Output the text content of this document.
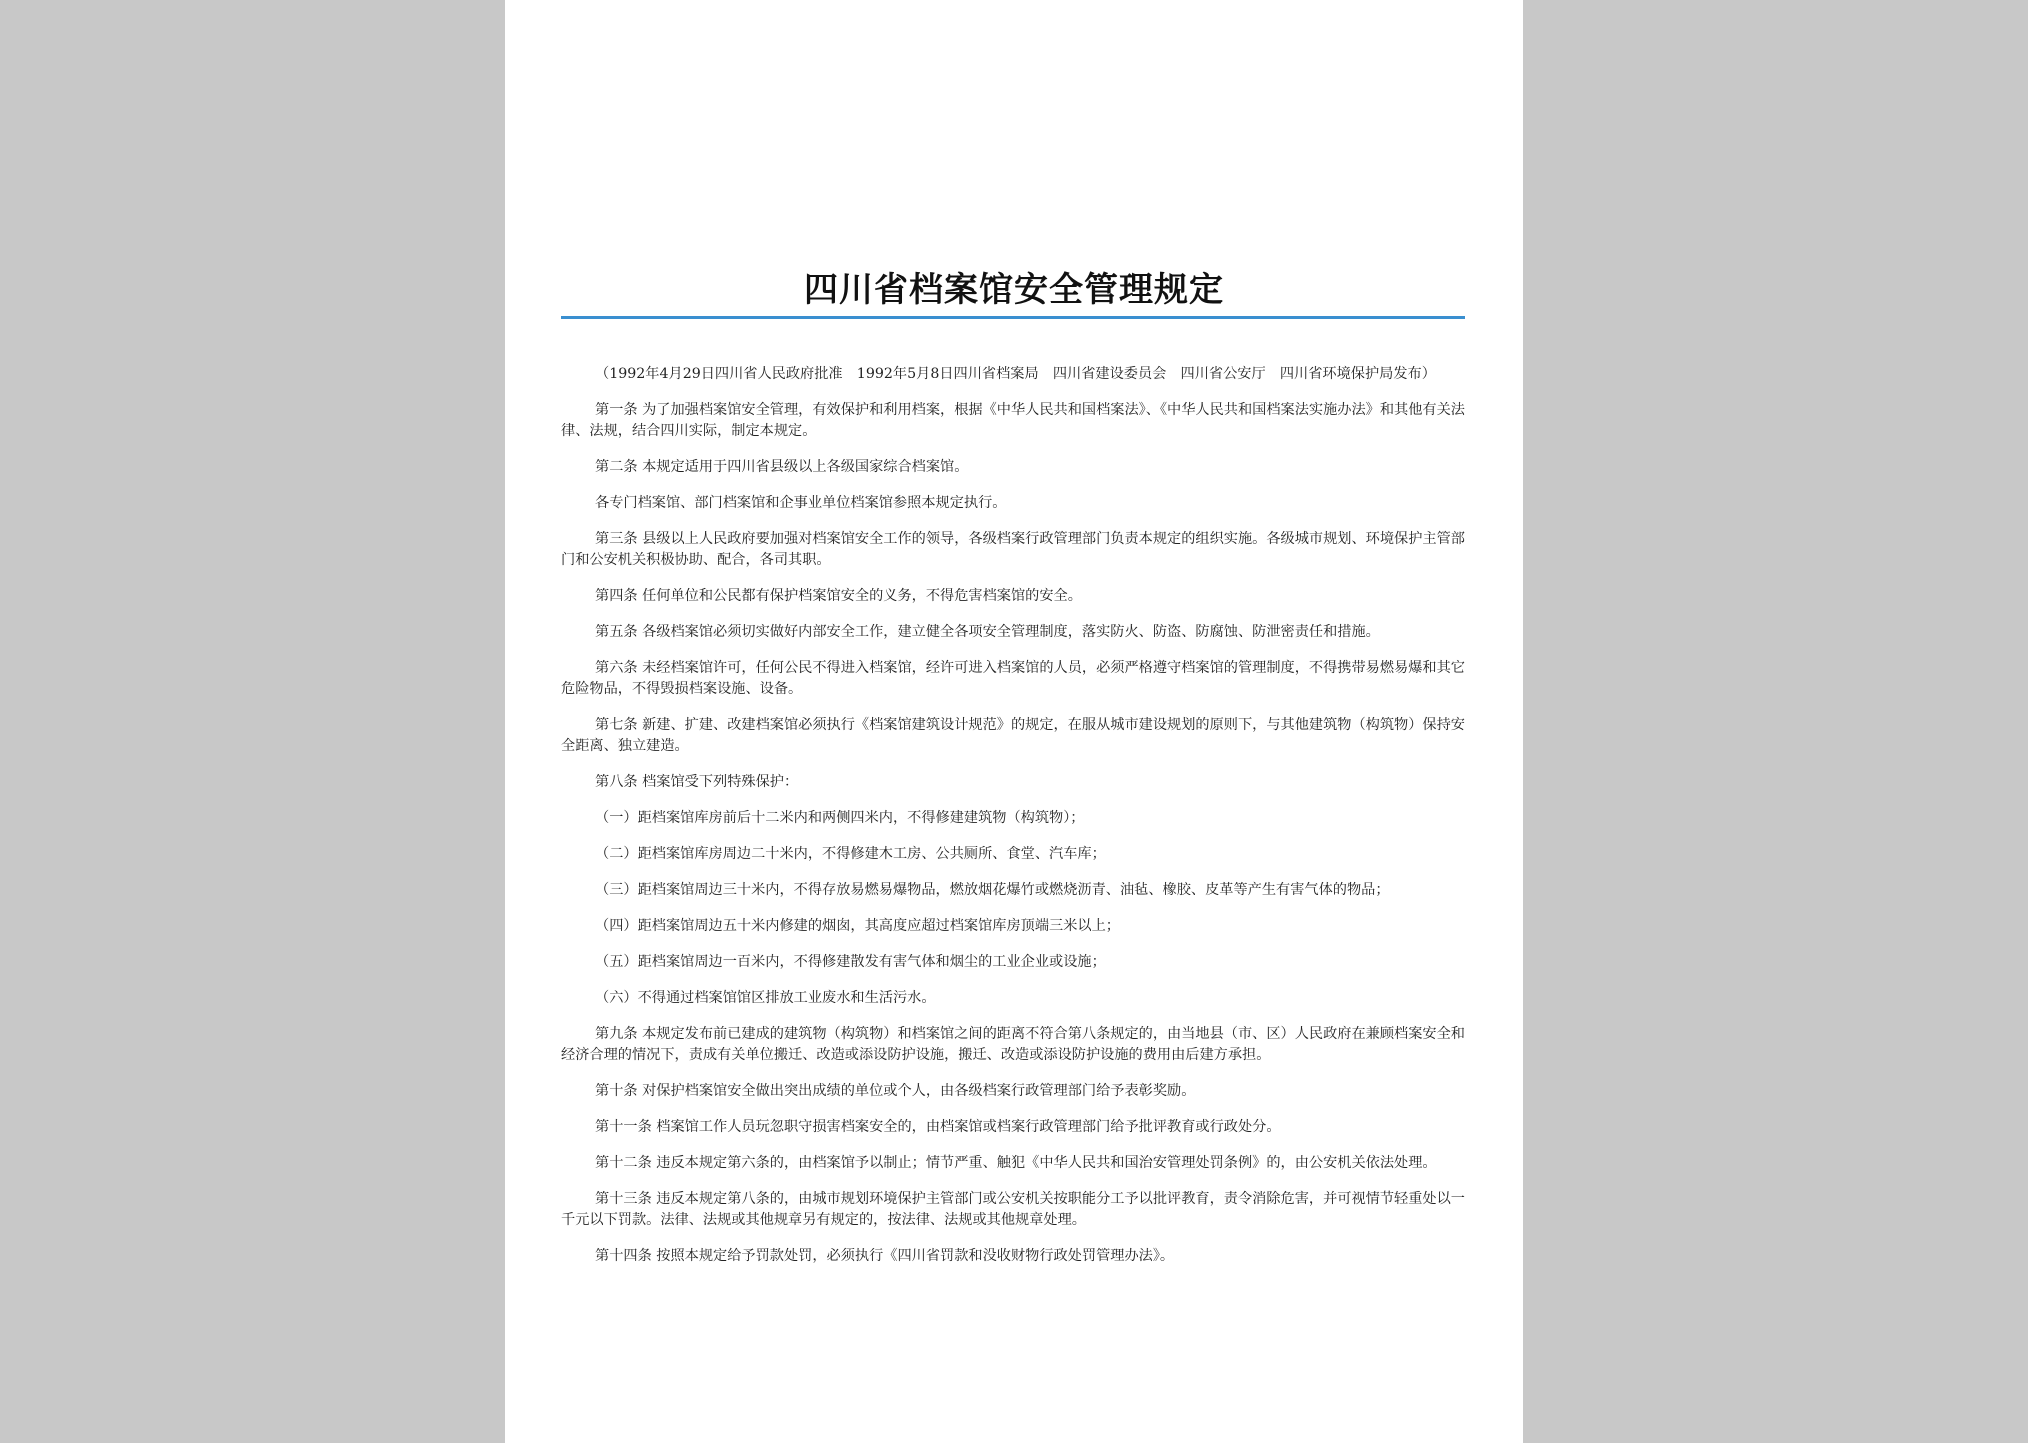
四川省档案馆安全管理规定

（1992年4月29日四川省人民政府批准　1992年5月8日四川省档案局　四川省建设委员会　四川省公安厅　四川省环境保护局发布）

第一条 为了加强档案馆安全管理，有效保护和利用档案，根据《中华人民共和国档案法》、《中华人民共和国档案法实施办法》和其他有关法律、法规，结合四川实际，制定本规定。

第二条 本规定适用于四川省县级以上各级国家综合档案馆。

各专门档案馆、部门档案馆和企事业单位档案馆参照本规定执行。

第三条 县级以上人民政府要加强对档案馆安全工作的领导，各级档案行政管理部门负责本规定的组织实施。各级城市规划、环境保护主管部门和公安机关积极协助、配合，各司其职。

第四条 任何单位和公民都有保护档案馆安全的义务，不得危害档案馆的安全。

第五条 各级档案馆必须切实做好内部安全工作，建立健全各项安全管理制度，落实防火、防盗、防腐蚀、防泄密责任和措施。

第六条 未经档案馆许可，任何公民不得进入档案馆，经许可进入档案馆的人员，必须严格遵守档案馆的管理制度，不得携带易燃易爆和其它危险物品，不得毁损档案设施、设备。

第七条 新建、扩建、改建档案馆必须执行《档案馆建筑设计规范》的规定，在服从城市建设规划的原则下，与其他建筑物（构筑物）保持安全距离、独立建造。

第八条 档案馆受下列特殊保护：

（一）距档案馆库房前后十二米内和两侧四米内，不得修建建筑物（构筑物）；

（二）距档案馆库房周边二十米内，不得修建木工房、公共厕所、食堂、汽车库；

（三）距档案馆周边三十米内，不得存放易燃易爆物品，燃放烟花爆竹或燃烧沥青、油毡、橡胶、皮革等产生有害气体的物品；

（四）距档案馆周边五十米内修建的烟囱，其高度应超过档案馆库房顶端三米以上；

（五）距档案馆周边一百米内，不得修建散发有害气体和烟尘的工业企业或设施；

（六）不得通过档案馆馆区排放工业废水和生活污水。

第九条 本规定发布前已建成的建筑物（构筑物）和档案馆之间的距离不符合第八条规定的，由当地县（市、区）人民政府在兼顾档案安全和经济合理的情况下，责成有关单位搬迁、改造或添设防护设施，搬迁、改造或添设防护设施的费用由后建方承担。

第十条 对保护档案馆安全做出突出成绩的单位或个人，由各级档案行政管理部门给予表彰奖励。

第十一条 档案馆工作人员玩忽职守损害档案安全的，由档案馆或档案行政管理部门给予批评教育或行政处分。

第十二条 违反本规定第六条的，由档案馆予以制止；情节严重、触犯《中华人民共和国治安管理处罚条例》的，由公安机关依法处理。

第十三条 违反本规定第八条的，由城市规划环境保护主管部门或公安机关按职能分工予以批评教育，责令消除危害，并可视情节轻重处以一千元以下罚款。法律、法规或其他规章另有规定的，按法律、法规或其他规章处理。

第十四条 按照本规定给予罚款处罚，必须执行《四川省罚款和没收财物行政处罚管理办法》。
